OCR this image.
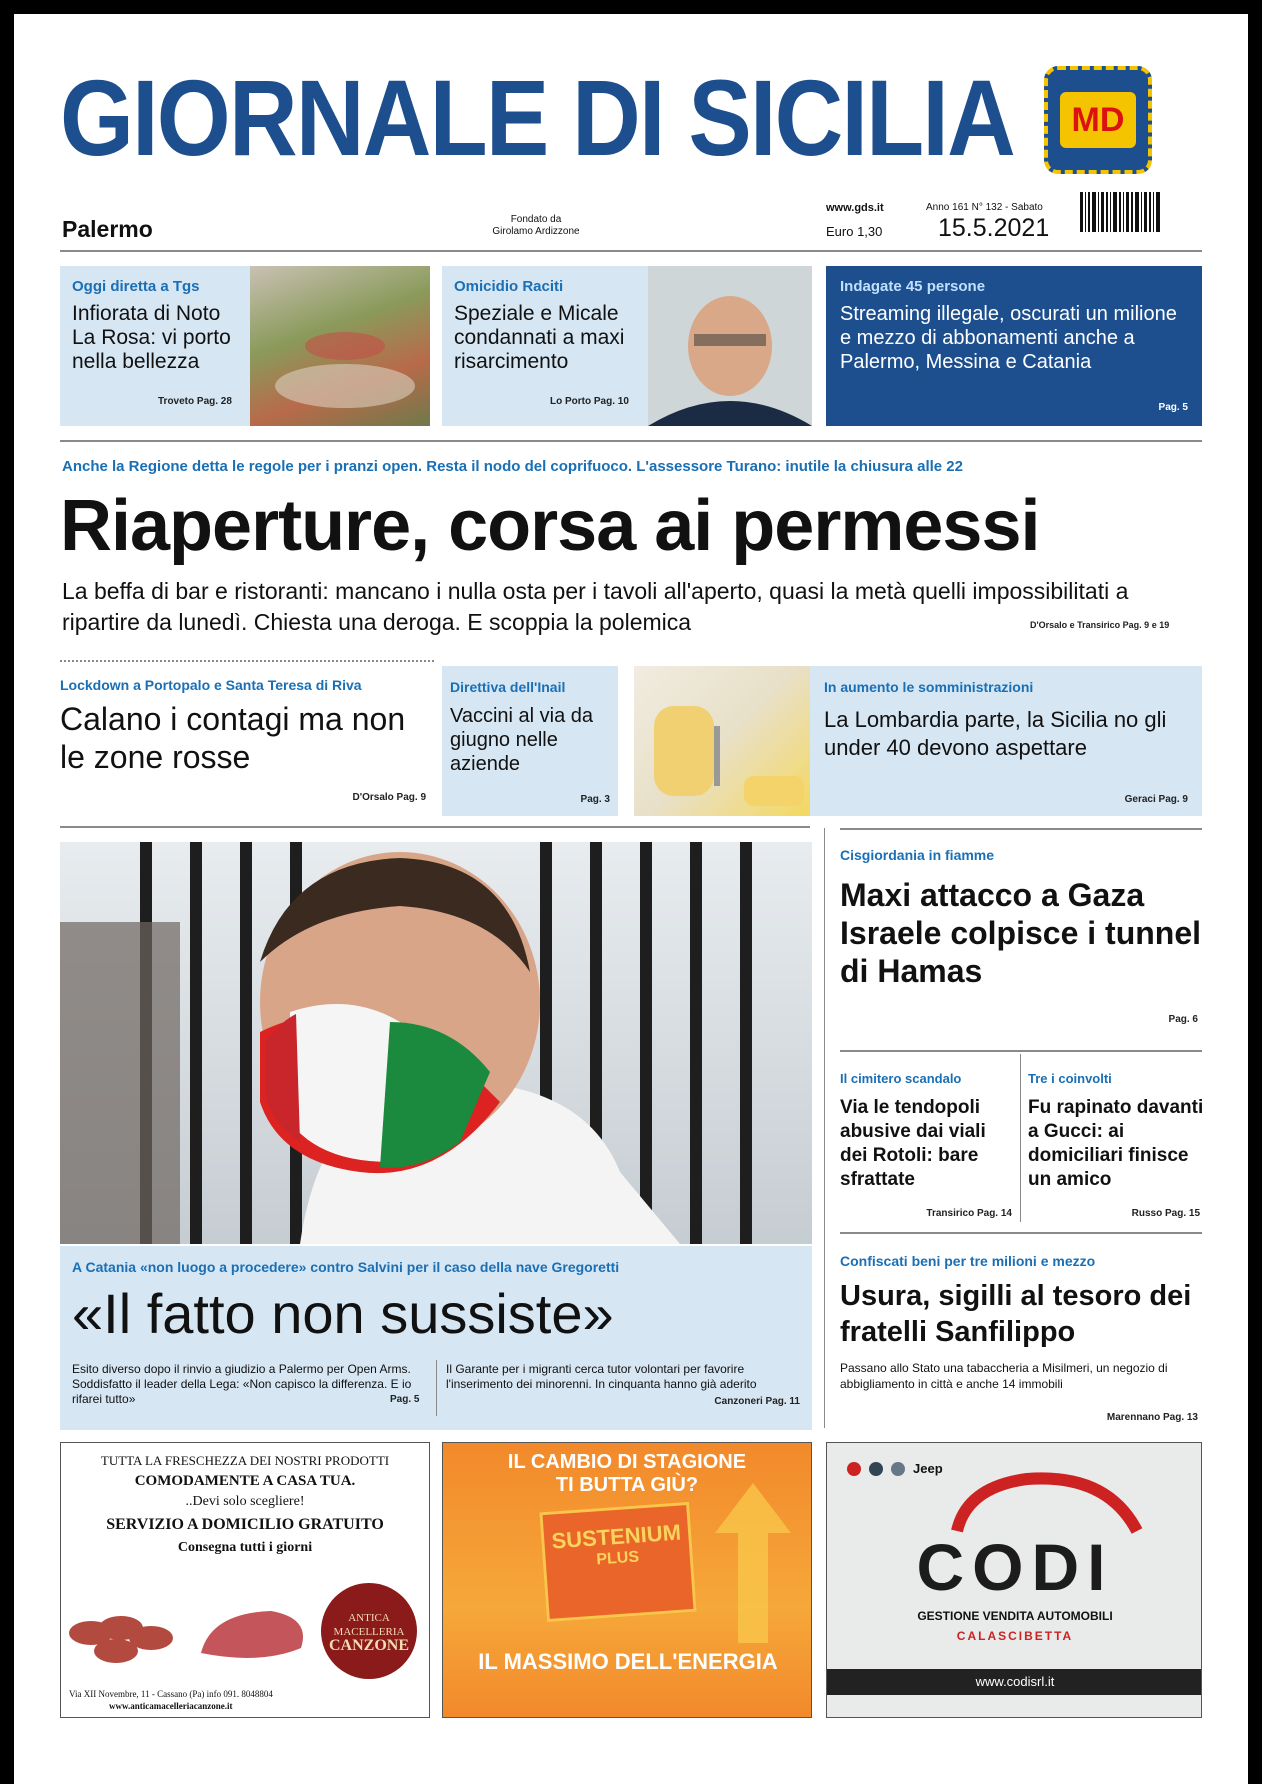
GIORNALE DI SICILIA	MD
Palermo	Fondato da
Girolamo Ardizzone
www.gds.it
Euro 1,30
Anno 161 N° 132 - Sabato
15.5.2021
Oggi diretta a Tgs
Infiorata di Noto La Rosa: vi porto nella bellezza
Troveto Pag. 28
Omicidio Raciti
Speziale e Micale condannati a maxi risarcimento
Lo Porto Pag. 10
Indagate 45 persone
Streaming illegale, oscurati un milione e mezzo di abbonamenti anche a Palermo, Messina e Catania
Pag. 5
Anche la Regione detta le regole per i pranzi open. Resta il nodo del coprifuoco. L'assessore Turano: inutile la chiusura alle 22
Riaperture, corsa ai permessi
La beffa di bar e ristoranti: mancano i nulla osta per i tavoli all'aperto, quasi la metà quelli impossibilitati a ripartire da lunedì. Chiesta una deroga. E scoppia la polemica	D'Orsalo e Transirico Pag. 9 e 19
Lockdown a Portopalo e Santa Teresa di Riva
Calano i contagi ma non le zone rosse
D'Orsalo Pag. 9
Direttiva dell'Inail
Vaccini al via da giugno nelle aziende
Pag. 3
In aumento le somministrazioni
La Lombardia parte, la Sicilia no gli under 40 devono aspettare
Geraci Pag. 9
A Catania «non luogo a procedere» contro Salvini per il caso della nave Gregoretti
«Il fatto non sussiste»
Esito diverso dopo il rinvio a giudizio a Palermo per Open Arms. Soddisfatto il leader della Lega: «Non capisco la differenza. E io rifarei tutto»	Pag. 5
Il Garante per i migranti cerca tutor volontari per favorire l'inserimento dei minorenni. In cinquanta hanno già aderito
Canzoneri Pag. 11
Cisgiordania in fiamme
Maxi attacco a Gaza Israele colpisce i tunnel di Hamas
Pag. 6
Il cimitero scandalo
Via le tendopoli abusive dai viali dei Rotoli: bare sfrattate
Transirico Pag. 14
Tre i coinvolti
Fu rapinato davanti a Gucci: ai domiciliari finisce un amico
Russo Pag. 15
Confiscati beni per tre milioni e mezzo
Usura, sigilli al tesoro dei fratelli Sanfilippo
Passano allo Stato una tabaccheria a Misilmeri, un negozio di abbigliamento in città e anche 14 immobili
Marennano Pag. 13
TUTTA LA FRESCHEZZA DEI NOSTRI PRODOTTI
COMODAMENTE A CASA TUA.
..Devi solo scegliere!
SERVIZIO A DOMICILIO GRATUITO
Consegna tutti i giorni
ANTICA MACELLERIA
CANZONE
Via XII Novembre, 11 - Cassano (Pa) info 091. 8048804
www.anticamacelleriacanzone.it
IL CAMBIO DI STAGIONE
TI BUTTA GIÙ?
SUSTENIUM
PLUS
IL MASSIMO DELL'ENERGIA
Jeep
CODI
GESTIONE VENDITA AUTOMOBILI
CALASCIBETTA
www.codisrl.it
